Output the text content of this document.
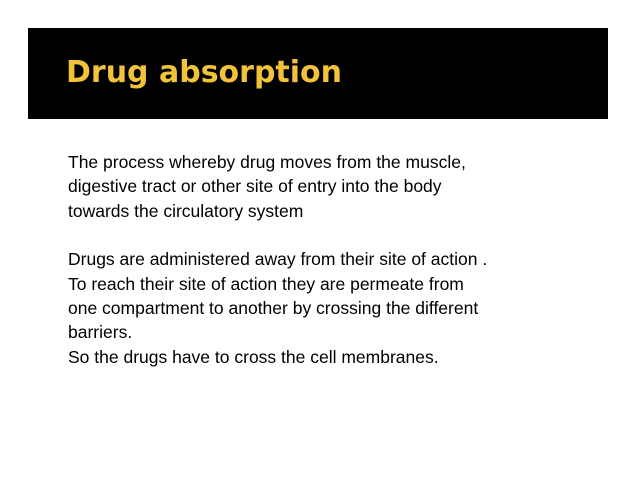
Drug absorption

The process whereby drug moves from the muscle,
digestive tract or other site of entry into the body
towards the circulatory system

Drugs are administered away from their site of action .
To reach their site of action they are permeate from
one compartment to another by crossing the different
barriers.
So the drugs have to cross the cell membranes.
